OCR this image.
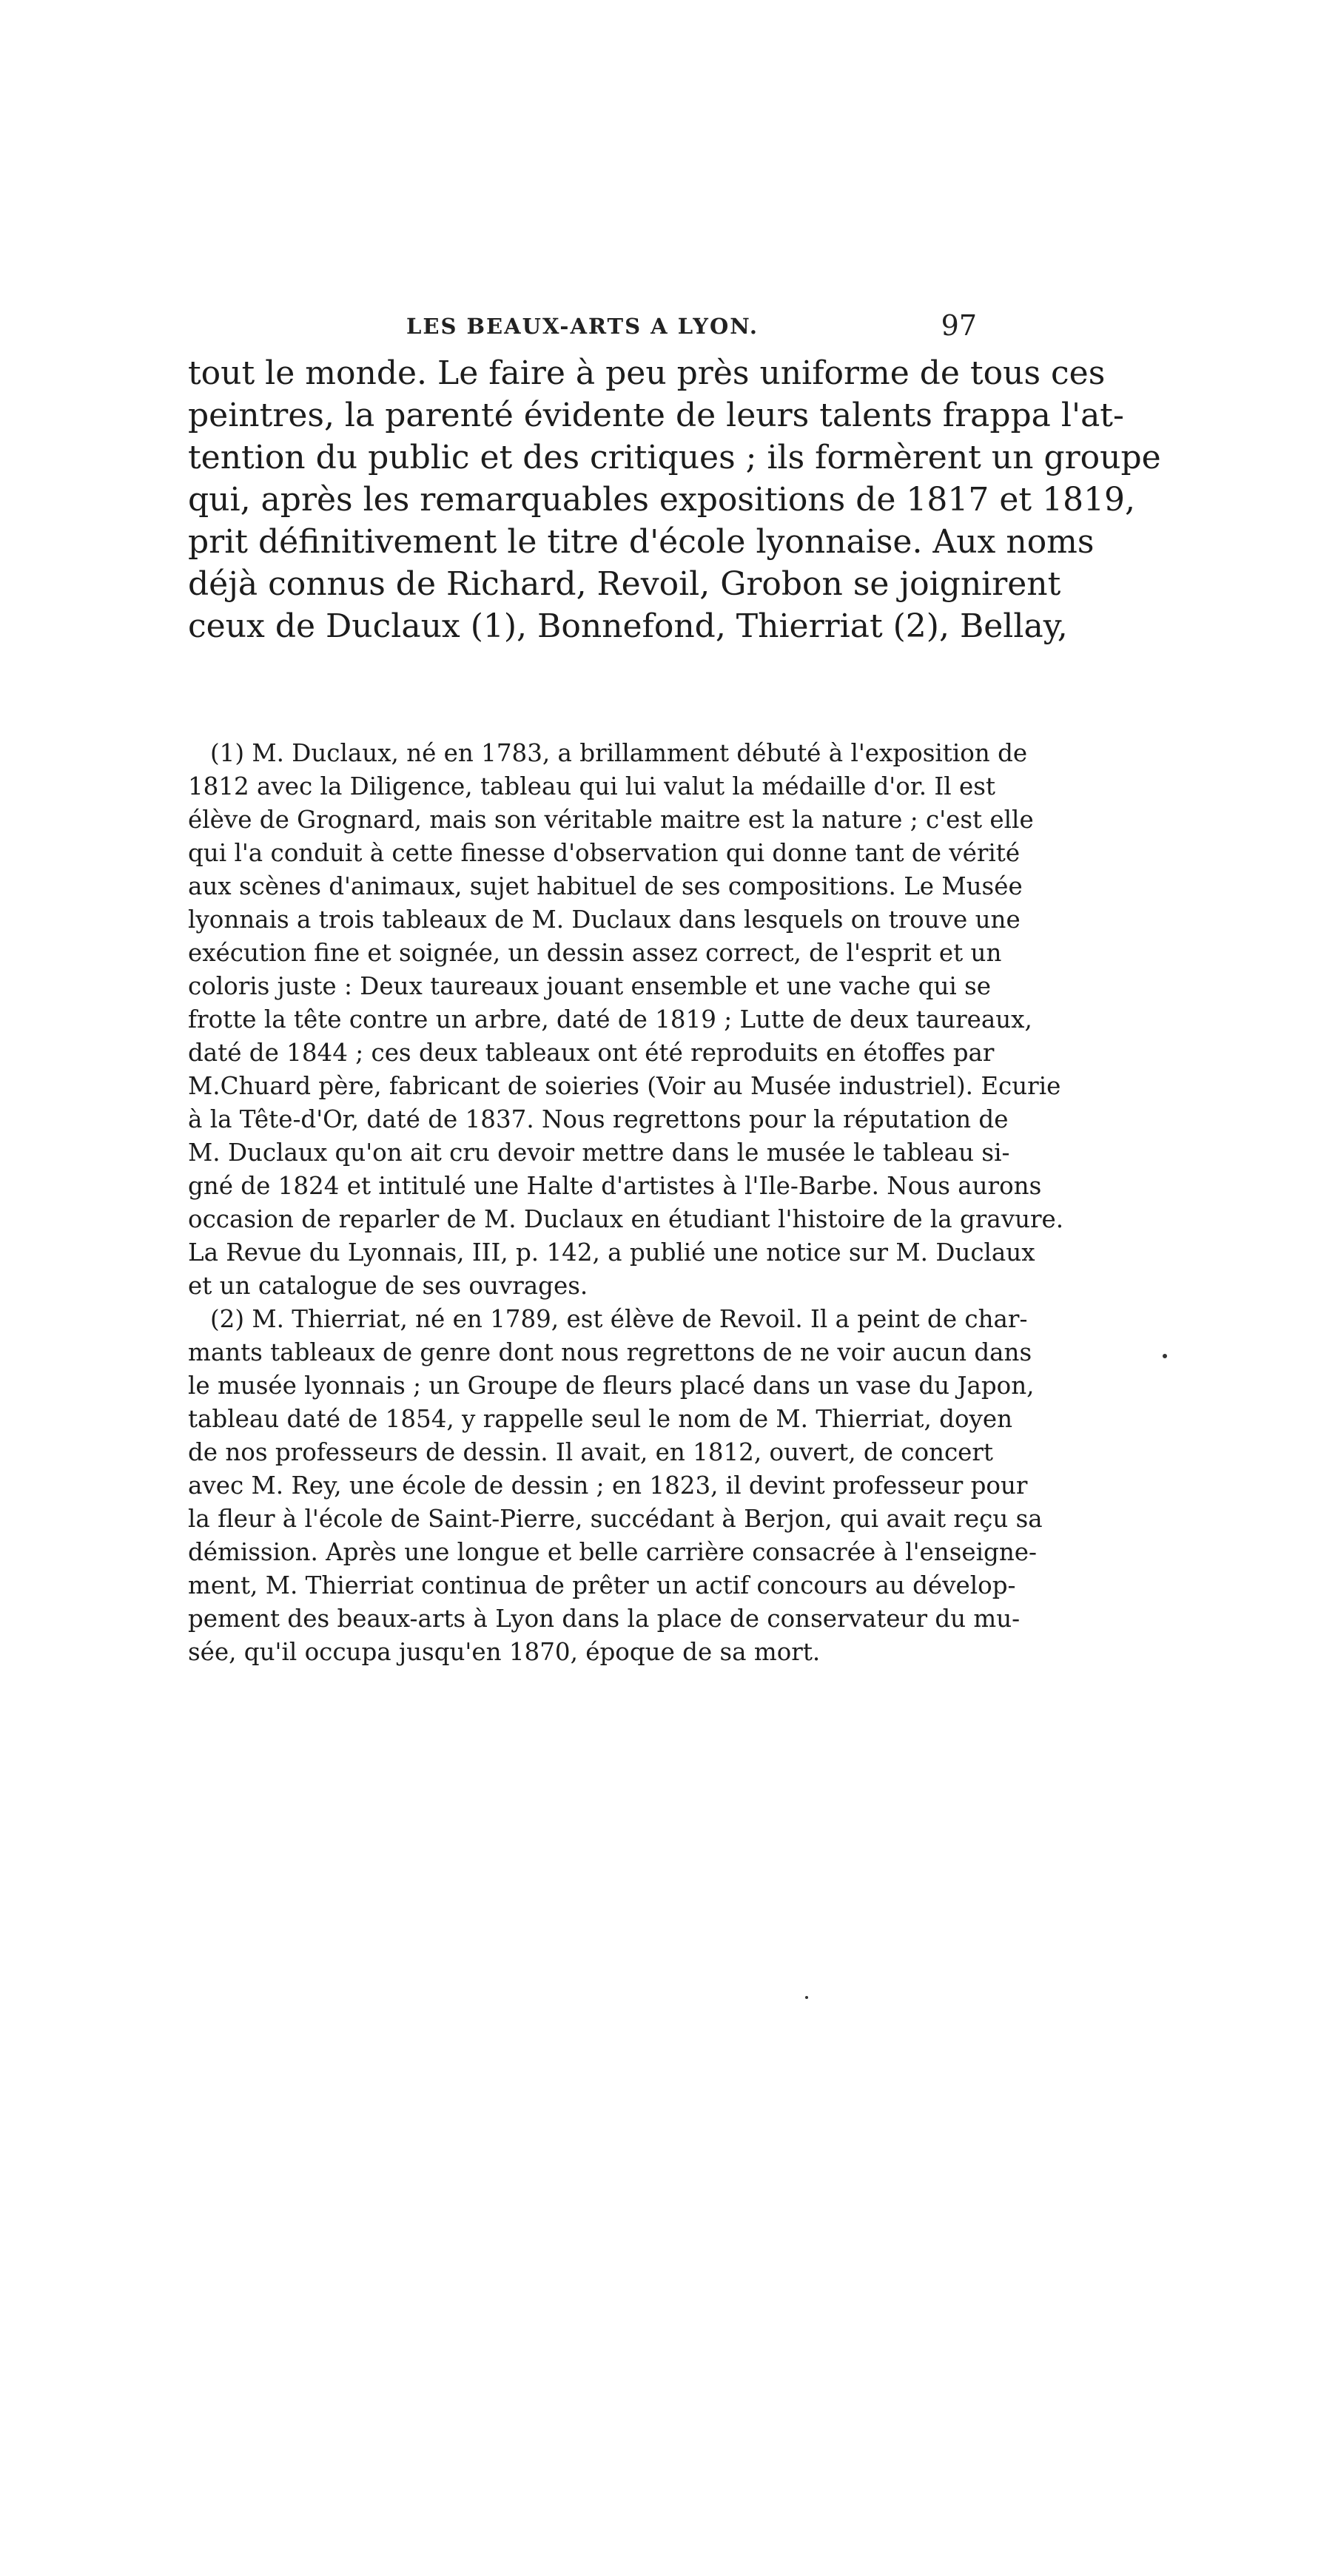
LES BEAUX-ARTS A LYON.	97
tout le monde. Le faire à peu près uniforme de tous ces
peintres, la parenté évidente de leurs talents frappa l'at-
tention du public et des critiques ; ils formèrent un groupe
qui, après les remarquables expositions de 1817 et 1819,
prit définitivement le titre d'école lyonnaise. Aux noms
déjà connus de Richard, Revoil, Grobon se joignirent
ceux de Duclaux (1), Bonnefond, Thierriat (2), Bellay,
(1) M. Duclaux, né en 1783, a brillamment débuté à l'exposition de
1812 avec la Diligence, tableau qui lui valut la médaille d'or. Il est
élève de Grognard, mais son véritable maitre est la nature ; c'est elle
qui l'a conduit à cette finesse d'observation qui donne tant de vérité
aux scènes d'animaux, sujet habituel de ses compositions. Le Musée
lyonnais a trois tableaux de M. Duclaux dans lesquels on trouve une
exécution fine et soignée, un dessin assez correct, de l'esprit et un
coloris juste : Deux taureaux jouant ensemble et une vache qui se
frotte la tête contre un arbre, daté de 1819 ; Lutte de deux taureaux,
daté de 1844 ; ces deux tableaux ont été reproduits en étoffes par
M.Chuard père, fabricant de soieries (Voir au Musée industriel). Ecurie
à la Tête-d'Or, daté de 1837. Nous regrettons pour la réputation de
M. Duclaux qu'on ait cru devoir mettre dans le musée le tableau si-
gné de 1824 et intitulé une Halte d'artistes à l'Ile-Barbe. Nous aurons
occasion de reparler de M. Duclaux en étudiant l'histoire de la gravure.
La Revue du Lyonnais, III, p. 142, a publié une notice sur M. Duclaux
et un catalogue de ses ouvrages.
(2) M. Thierriat, né en 1789, est élève de Revoil. Il a peint de char-
mants tableaux de genre dont nous regrettons de ne voir aucun dans
le musée lyonnais ; un Groupe de fleurs placé dans un vase du Japon,
tableau daté de 1854, y rappelle seul le nom de M. Thierriat, doyen
de nos professeurs de dessin. Il avait, en 1812, ouvert, de concert
avec M. Rey, une école de dessin ; en 1823, il devint professeur pour
la fleur à l'école de Saint-Pierre, succédant à Berjon, qui avait reçu sa
démission. Après une longue et belle carrière consacrée à l'enseigne-
ment, M. Thierriat continua de prêter un actif concours au dévelop-
pement des beaux-arts à Lyon dans la place de conservateur du mu-
sée, qu'il occupa jusqu'en 1870, époque de sa mort.
